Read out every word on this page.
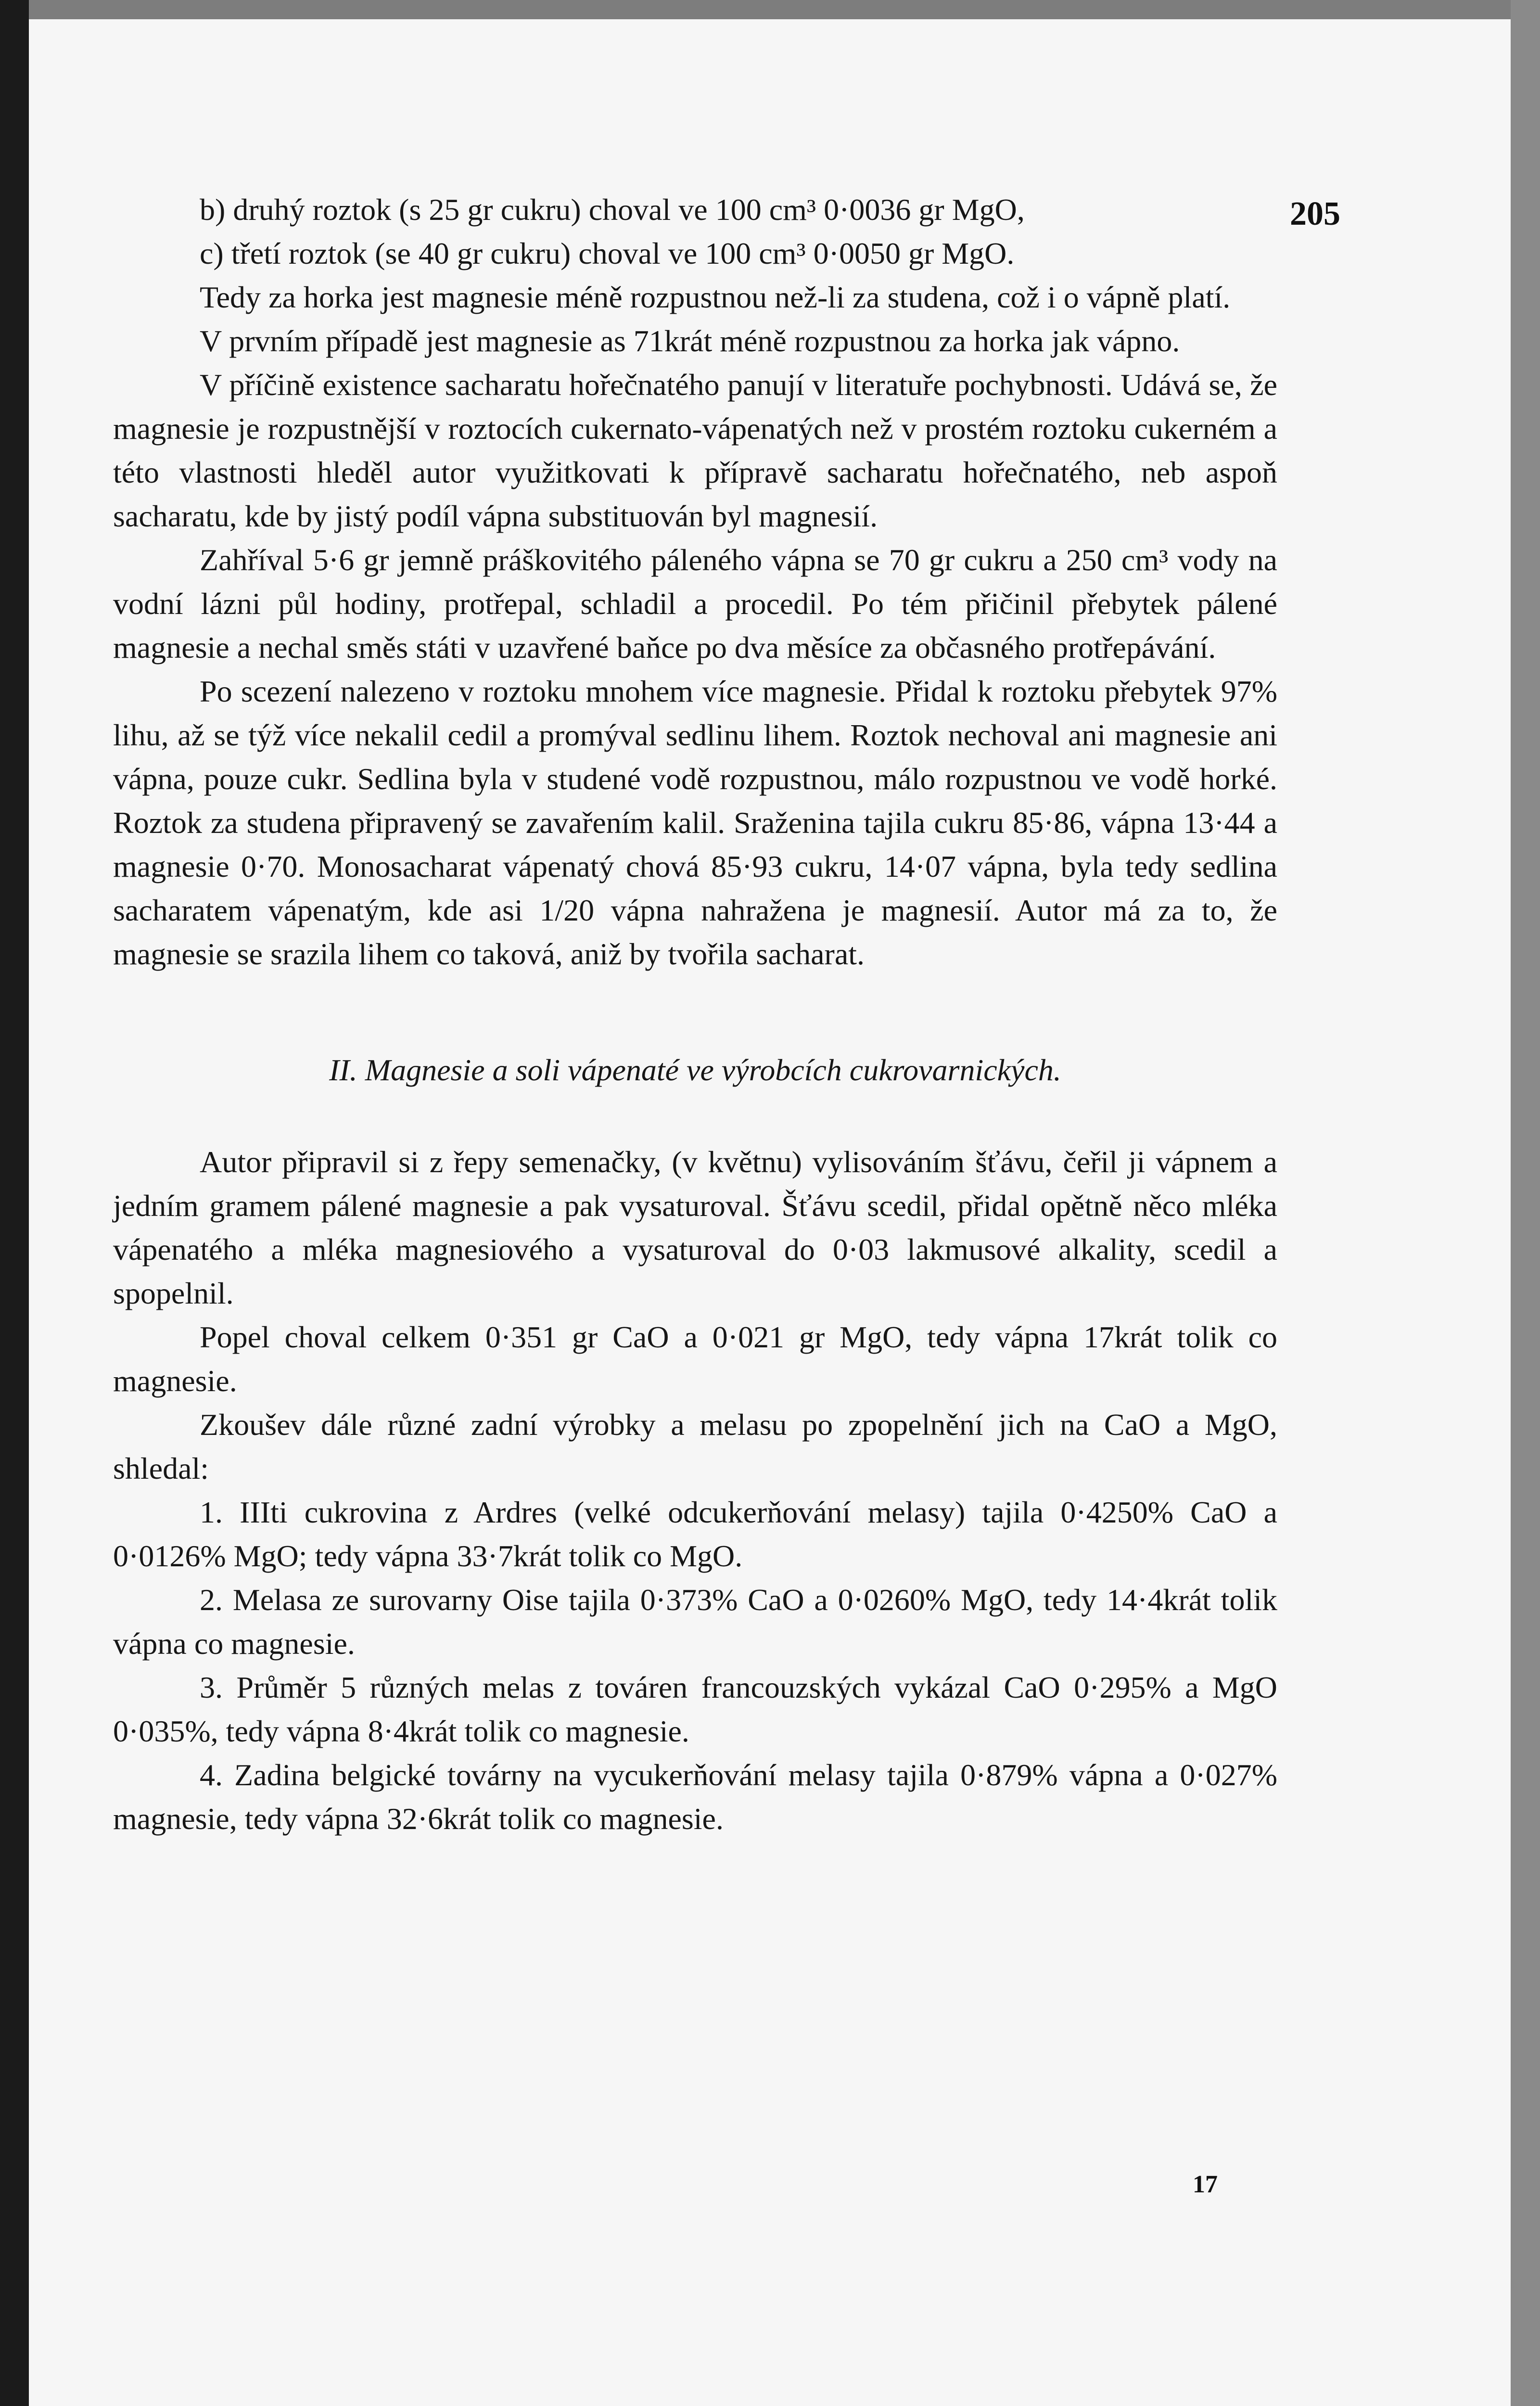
205

b) druhý roztok (s 25 gr cukru) choval ve 100 cm³ 0·0036 gr MgO,

c) třetí roztok (se 40 gr cukru) choval ve 100 cm³ 0·0050 gr MgO.

Tedy za horka jest magnesie méně rozpustnou než-li za studena, což i o vápně platí.

V prvním případě jest magnesie as 71krát méně rozpustnou za horka jak vápno.

V příčině existence sacharatu hořečnatého panují v literatuře pochybnosti. Udává se, že magnesie je rozpustnější v roztocích cukernato-vápenatých než v prostém roztoku cukerném a této vlastnosti hleděl autor využitkovati k přípravě sacharatu hořečnatého, neb aspoň sacharatu, kde by jistý podíl vápna substituován byl magnesií.

Zahříval 5·6 gr jemně práškovitého páleného vápna se 70 gr cukru a 250 cm³ vody na vodní lázni půl hodiny, protřepal, schladil a procedil. Po tém přičinil přebytek pálené magnesie a nechal směs státi v uzavřené baňce po dva měsíce za občasného protřepávání.

Po scezení nalezeno v roztoku mnohem více magnesie. Přidal k roztoku přebytek 97% lihu, až se týž více nekalil cedil a promýval sedlinu lihem. Roztok nechoval ani magnesie ani vápna, pouze cukr. Sedlina byla v studené vodě rozpustnou, málo rozpustnou ve vodě horké. Roztok za studena připravený se zavařením kalil. Sraženina tajila cukru 85·86, vápna 13·44 a magnesie 0·70. Monosacharat vápenatý chová 85·93 cukru, 14·07 vápna, byla tedy sedlina sacharatem vápenatým, kde asi 1/20 vápna nahražena je magnesií. Autor má za to, že magnesie se srazila lihem co taková, aniž by tvořila sacharat.

II. Magnesie a soli vápenaté ve výrobcích cukrovarnických.

Autor připravil si z řepy semenačky, (v květnu) vylisováním šťávu, čeřil ji vápnem a jedním gramem pálené magnesie a pak vysaturoval. Šťávu scedil, přidal opětně něco mléka vápenatého a mléka magnesiového a vysaturoval do 0·03 lakmusové alkality, scedil a spopelnil.

Popel choval celkem 0·351 gr CaO a 0·021 gr MgO, tedy vápna 17krát tolik co magnesie.

Zkoušev dále různé zadní výrobky a melasu po zpopelnění jich na CaO a MgO, shledal:

1. IIIti cukrovina z Ardres (velké odcukerňování melasy) tajila 0·4250% CaO a 0·0126% MgO; tedy vápna 33·7krát tolik co MgO.

2. Melasa ze surovarny Oise tajila 0·373% CaO a 0·0260% MgO, tedy 14·4krát tolik vápna co magnesie.

3. Průměr 5 různých melas z továren francouzských vykázal CaO 0·295% a MgO 0·035%, tedy vápna 8·4krát tolik co magnesie.

4. Zadina belgické továrny na vycukerňování melasy tajila 0·879% vápna a 0·027% magnesie, tedy vápna 32·6krát tolik co magnesie.

17
